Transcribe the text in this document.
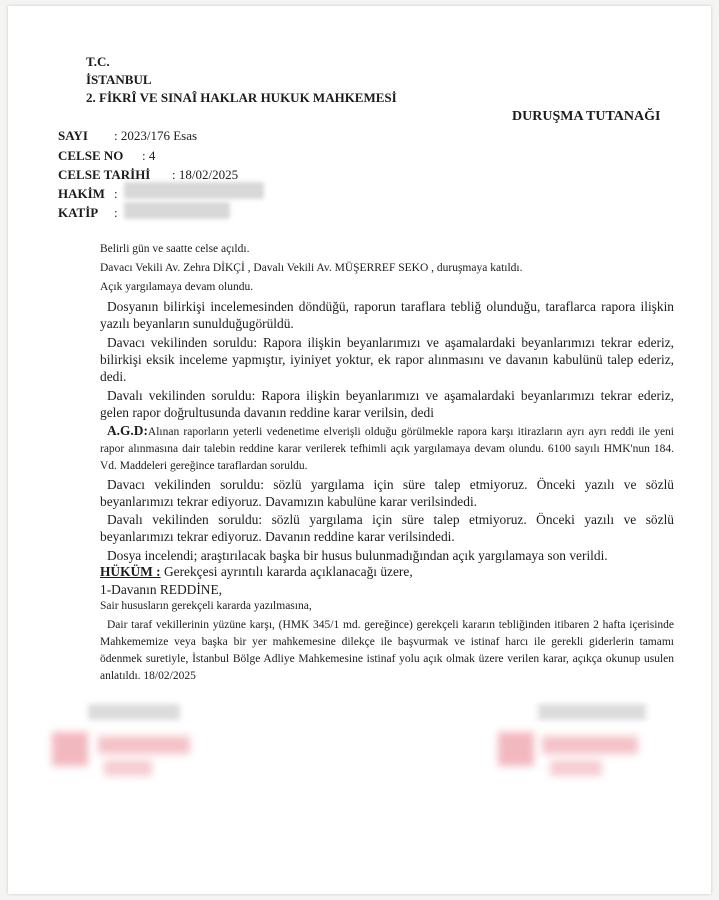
T.C.
İSTANBUL
2. FİKRÎ VE SINAÎ HAKLAR HUKUK MAHKEMESİ
DURUŞMA TUTANAĞI
SAYI : 2023/176 Esas
CELSE NO : 4
CELSE TARİHİ : 18/02/2025
HAKİM :
KATİP :
Belirli gün ve saatte celse açıldı.
Davacı Vekili Av. Zehra DİKÇİ , Davalı Vekili Av. MÜŞERREF SEKO , duruşmaya katıldı.
Açık yargılamaya devam olundu.
Dosyanın bilirkişi incelemesinden döndüğü, raporun taraflara tebliğ olunduğu, taraflarca rapora ilişkin yazılı beyanların sunulduğugörüldü.
Davacı vekilinden soruldu: Rapora ilişkin beyanlarımızı ve aşamalardaki beyanlarımızı tekrar ederiz, bilirkişi eksik inceleme yapmıştır, iyiniyet yoktur, ek rapor alınmasını ve davanın kabulünü talep ederiz, dedi.
Davalı vekilinden soruldu: Rapora ilişkin beyanlarımızı ve aşamalardaki beyanlarımızı tekrar ederiz, gelen rapor doğrultusunda davanın reddine karar verilsin, dedi
A.G.D:Alınan raporların yeterli vedenetime elverişli olduğu görülmekle rapora karşı itirazların ayrı ayrı reddi ile yeni rapor alınmasına dair talebin reddine karar verilerek tefhimli açık yargılamaya devam olundu. 6100 sayılı HMK'nun 184. Vd. Maddeleri gereğince taraflardan soruldu.
Davacı vekilinden soruldu: sözlü yargılama için süre talep etmiyoruz. Önceki yazılı ve sözlü beyanlarımızı tekrar ediyoruz. Davamızın kabulüne karar verilsindedi.
Davalı vekilinden soruldu: sözlü yargılama için süre talep etmiyoruz. Önceki yazılı ve sözlü beyanlarımızı tekrar ediyoruz. Davanın reddine karar verilsindedi.
Dosya incelendi; araştırılacak başka bir husus bulunmadığından açık yargılamaya son verildi.
HÜKÜM : Gerekçesi ayrıntılı kararda açıklanacağı üzere,
1-Davanın REDDİNE,
Sair hususların gerekçeli kararda yazılmasına,
Dair taraf vekillerinin yüzüne karşı, (HMK 345/1 md. gereğince) gerekçeli kararın tebliğinden itibaren 2 hafta içerisinde Mahkememize veya başka bir yer mahkemesine dilekçe ile başvurmak ve istinaf harcı ile gerekli giderlerin tamamı ödenmek suretiyle, İstanbul Bölge Adliye Mahkemesine istinaf yolu açık olmak üzere verilen karar, açıkça okunup usulen anlatıldı. 18/02/2025
